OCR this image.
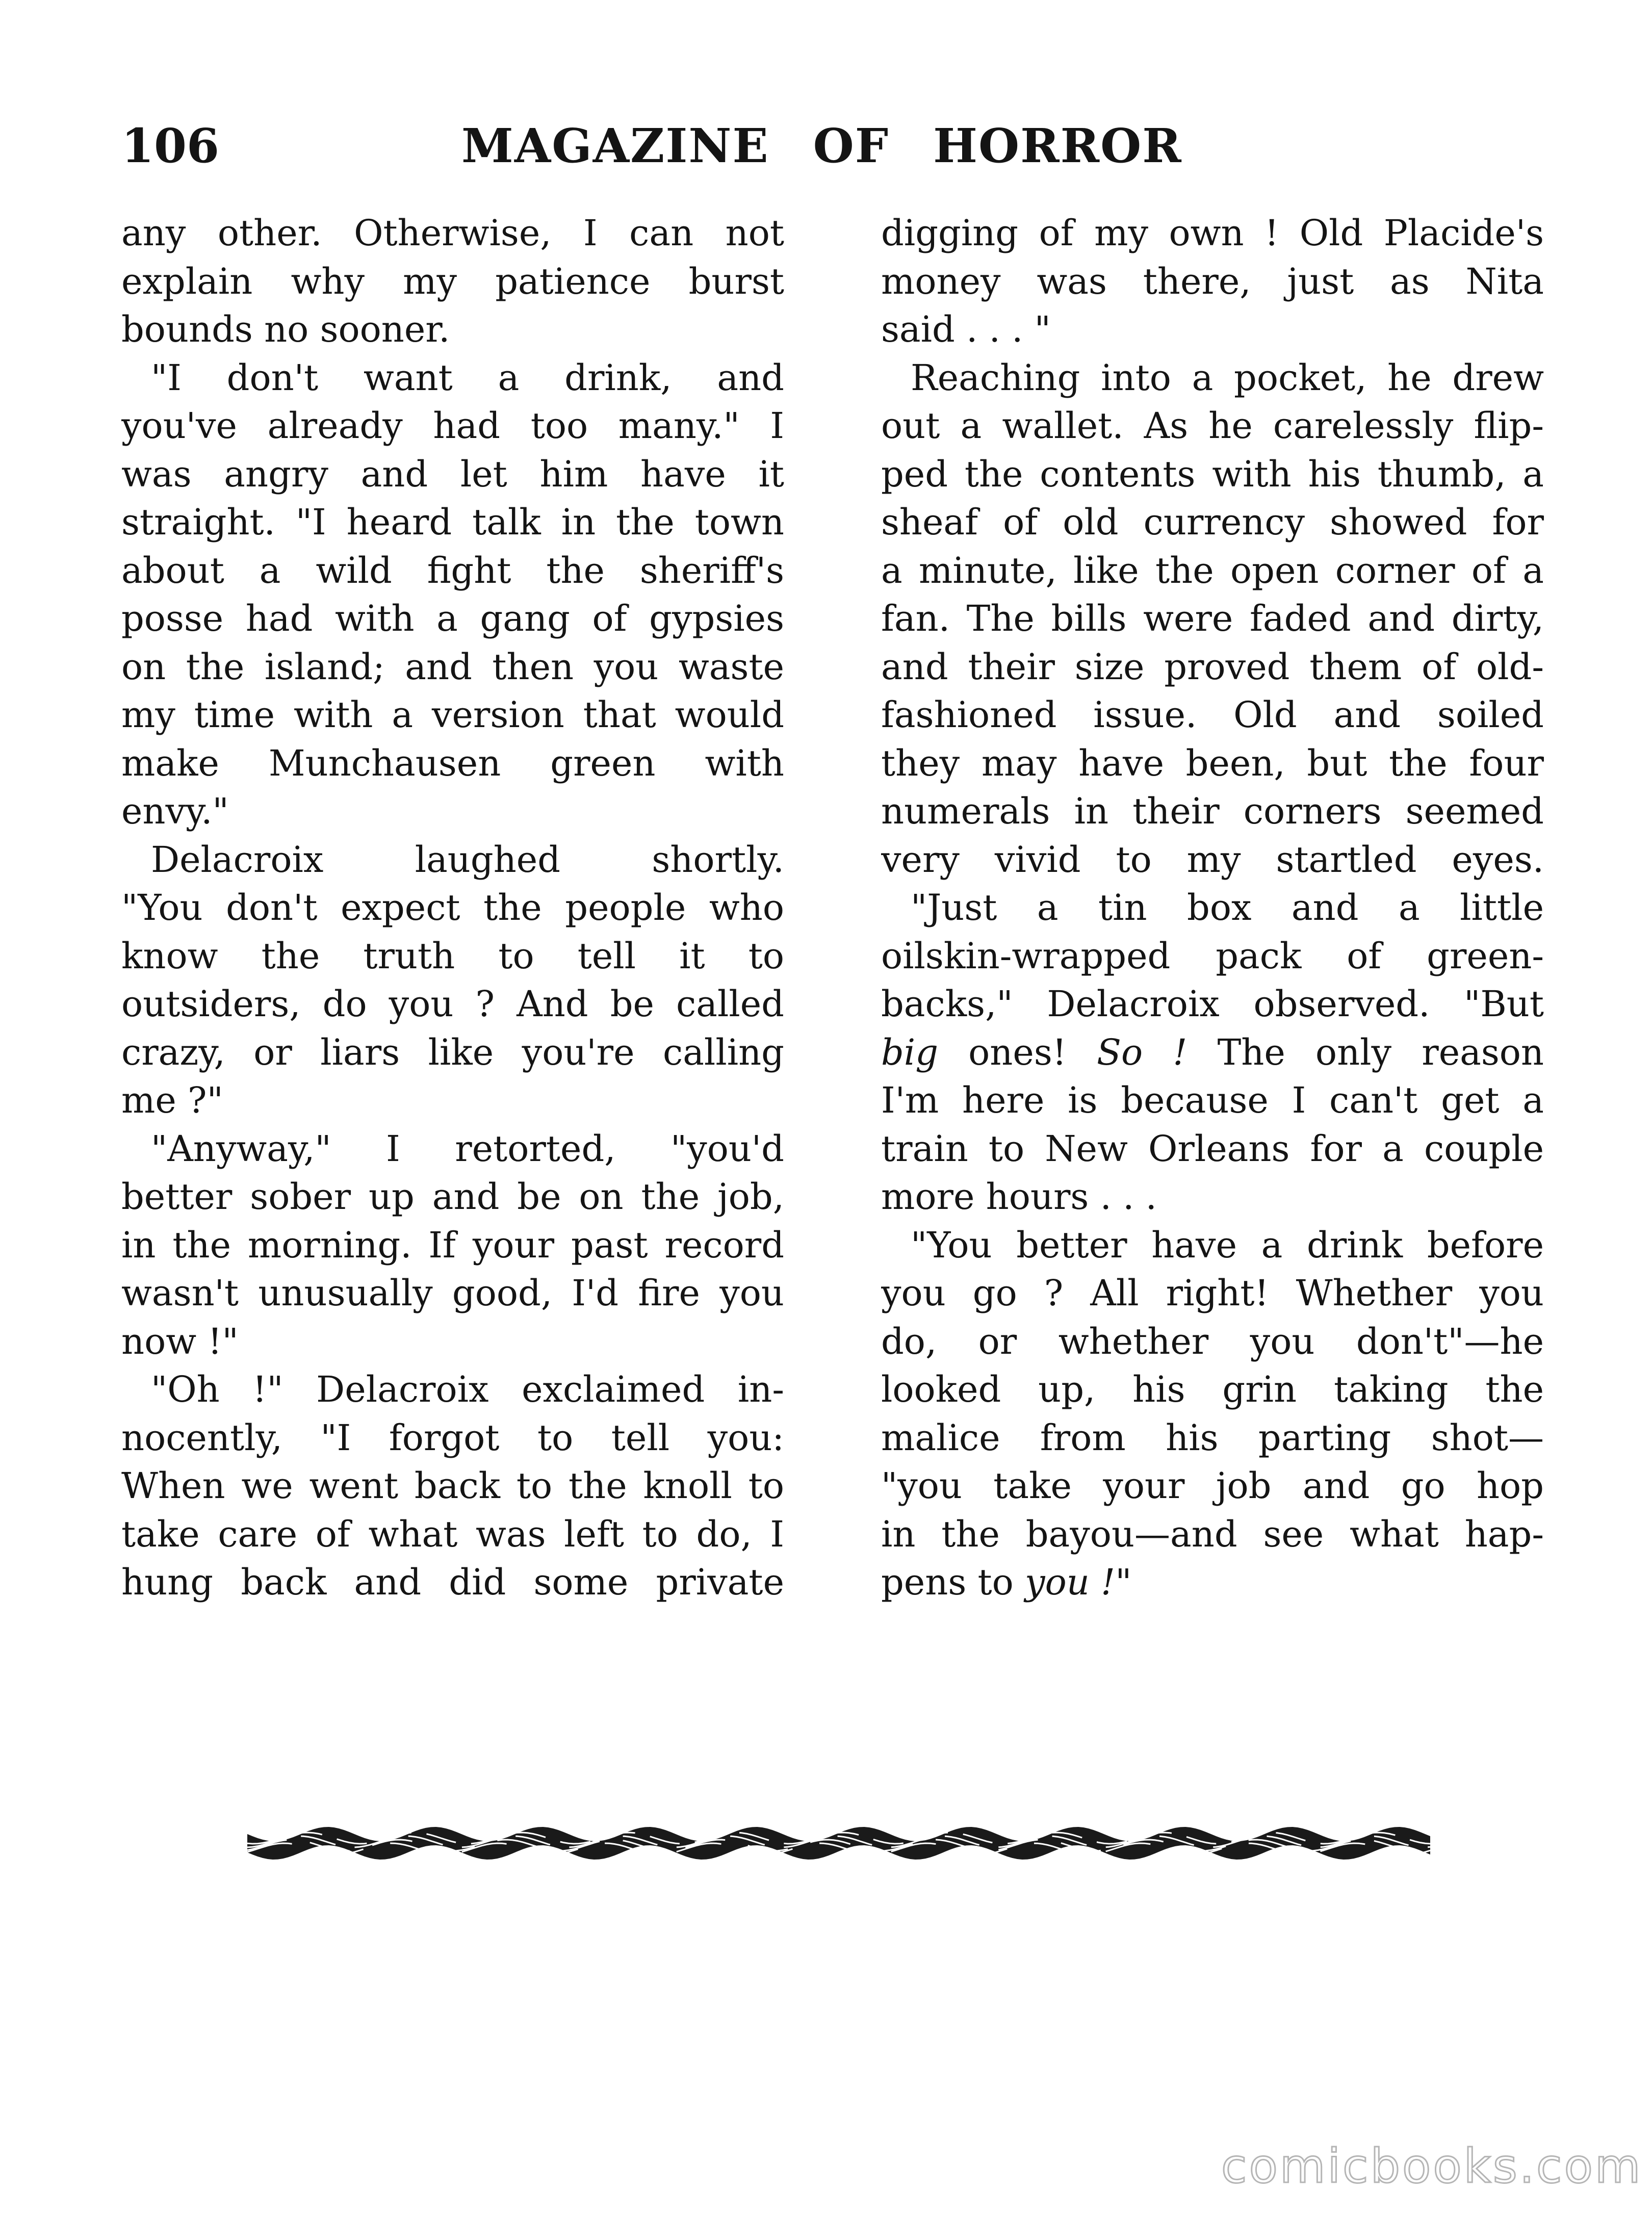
106	MAGAZINE OF HORROR
any other. Otherwise, I can not
explain why my patience burst
bounds no sooner.
"I don't want a drink, and
you've already had too many." I
was angry and let him have it
straight. "I heard talk in the town
about a wild fight the sheriff's
posse had with a gang of gypsies
on the island; and then you waste
my time with a version that would
make Munchausen green with
envy."
Delacroix laughed shortly.
"You don't expect the people who
know the truth to tell it to
outsiders, do you ? And be called
crazy, or liars like you're calling
me ?"
"Anyway," I retorted, "you'd
better sober up and be on the job,
in the morning. If your past record
wasn't unusually good, I'd fire you
now !"
"Oh !" Delacroix exclaimed in-
nocently, "I forgot to tell you:
When we went back to the knoll to
take care of what was left to do, I
hung back and did some private
digging of my own ! Old Placide's
money was there, just as Nita
said . . . "
Reaching into a pocket, he drew
out a wallet. As he carelessly flip-
ped the contents with his thumb, a
sheaf of old currency showed for
a minute, like the open corner of a
fan. The bills were faded and dirty,
and their size proved them of old-
fashioned issue. Old and soiled
they may have been, but the four
numerals in their corners seemed
very vivid to my startled eyes.
"Just a tin box and a little
oilskin-wrapped pack of green-
backs," Delacroix observed. "But
big ones! So ! The only reason
I'm here is because I can't get a
train to New Orleans for a couple
more hours . . .
"You better have a drink before
you go ? All right! Whether you
do, or whether you don't"—he
looked up, his grin taking the
malice from his parting shot—
"you take your job and go hop
in the bayou—and see what hap-
pens to you !"
comicbooks.com
